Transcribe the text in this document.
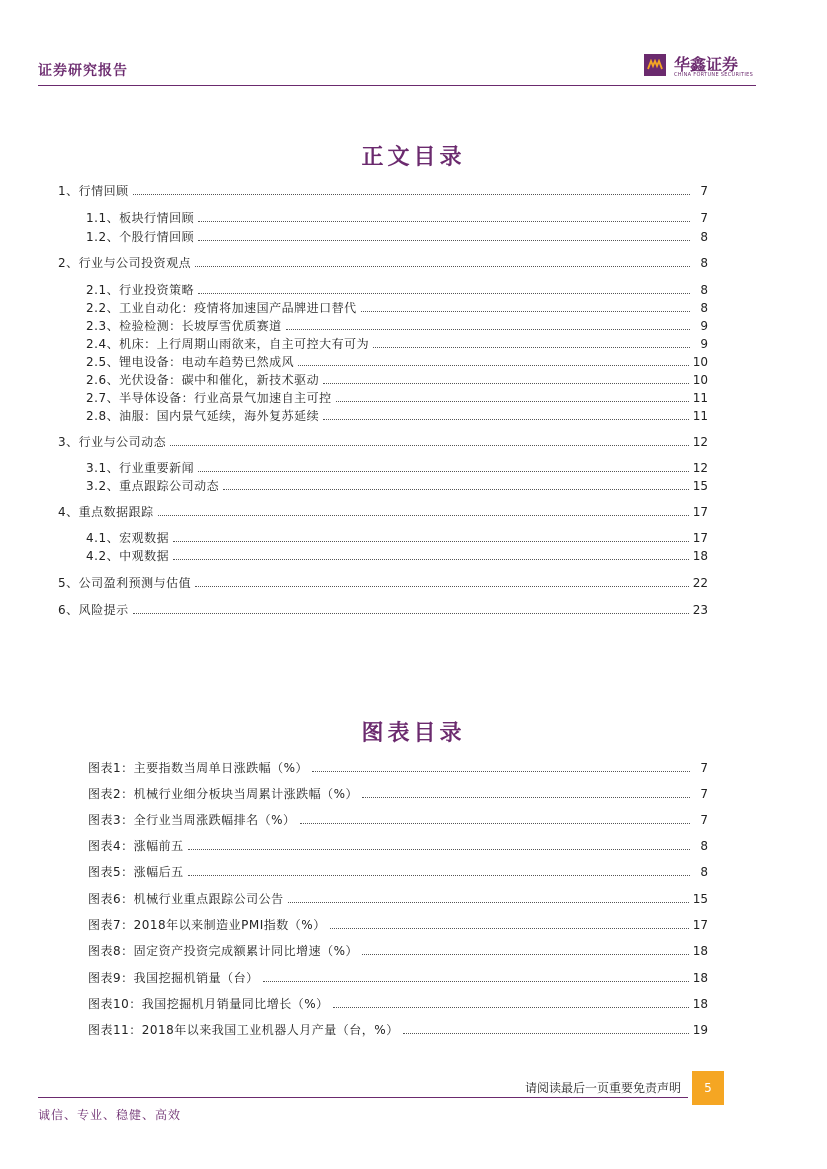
证券研究报告	华鑫证券
CHINA FORTUNE SECURITIES
正文目录
1、行情回顾	7
1.1、板块行情回顾	7
1.2、个股行情回顾	8
2、行业与公司投资观点	8
2.1、行业投资策略	8
2.2、工业自动化：疫情将加速国产品牌进口替代	8
2.3、检验检测：长坡厚雪优质赛道	9
2.4、机床：上行周期山雨欲来，自主可控大有可为	9
2.5、锂电设备：电动车趋势已然成风	10
2.6、光伏设备：碳中和催化，新技术驱动	10
2.7、半导体设备：行业高景气加速自主可控	11
2.8、油服：国内景气延续，海外复苏延续	11
3、行业与公司动态	12
3.1、行业重要新闻	12
3.2、重点跟踪公司动态	15
4、重点数据跟踪	17
4.1、宏观数据	17
4.2、中观数据	18
5、公司盈利预测与估值	22
6、风险提示	23
图表目录
图表1：主要指数当周单日涨跌幅（%）	7
图表2：机械行业细分板块当周累计涨跌幅（%）	7
图表3：全行业当周涨跌幅排名（%）	7
图表4：涨幅前五	8
图表5：涨幅后五	8
图表6：机械行业重点跟踪公司公告	15
图表7：2018年以来制造业PMI指数（%）	17
图表8：固定资产投资完成额累计同比增速（%）	18
图表9：我国挖掘机销量（台）	18
图表10：我国挖掘机月销量同比增长（%）	18
图表11：2018年以来我国工业机器人月产量（台，%）	19
请阅读最后一页重要免责声明	5
诚信、专业、稳健、高效
